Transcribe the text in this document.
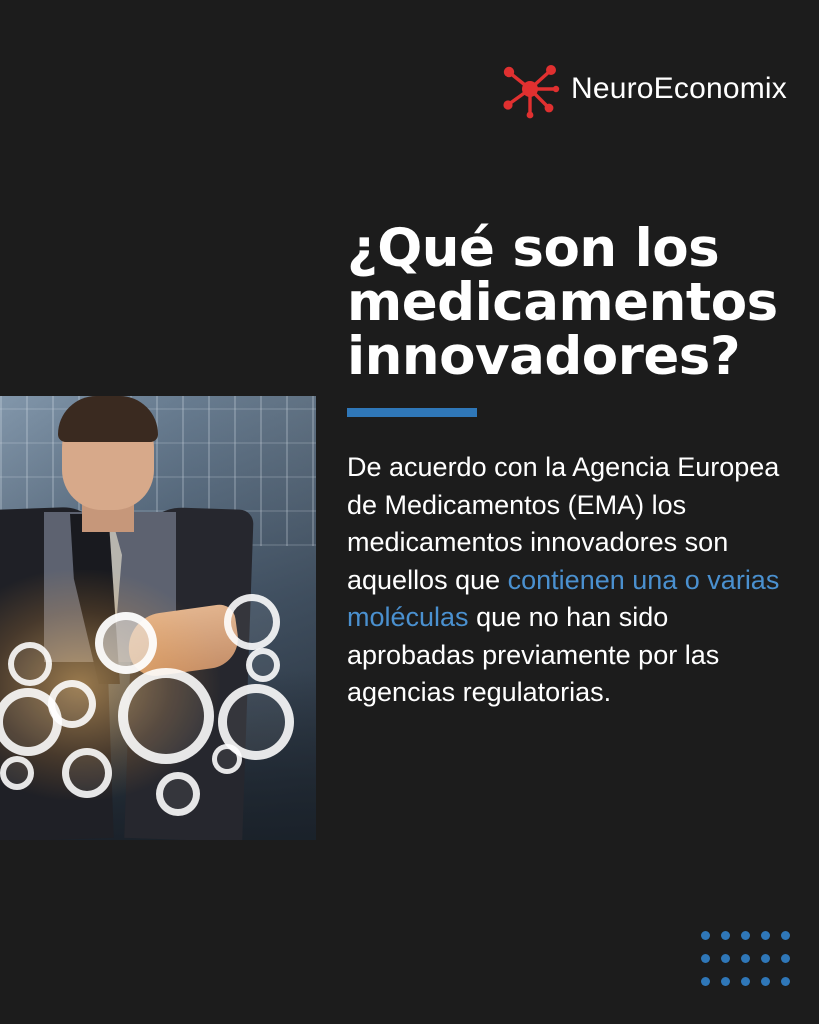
NeuroEconomix
¿Qué son los medicamentos innovadores?

De acuerdo con la Agencia Europea de Medicamentos (EMA) los medicamentos innovadores son aquellos que contienen una o varias moléculas que no han sido aprobadas previamente por las agencias regulatorias.
